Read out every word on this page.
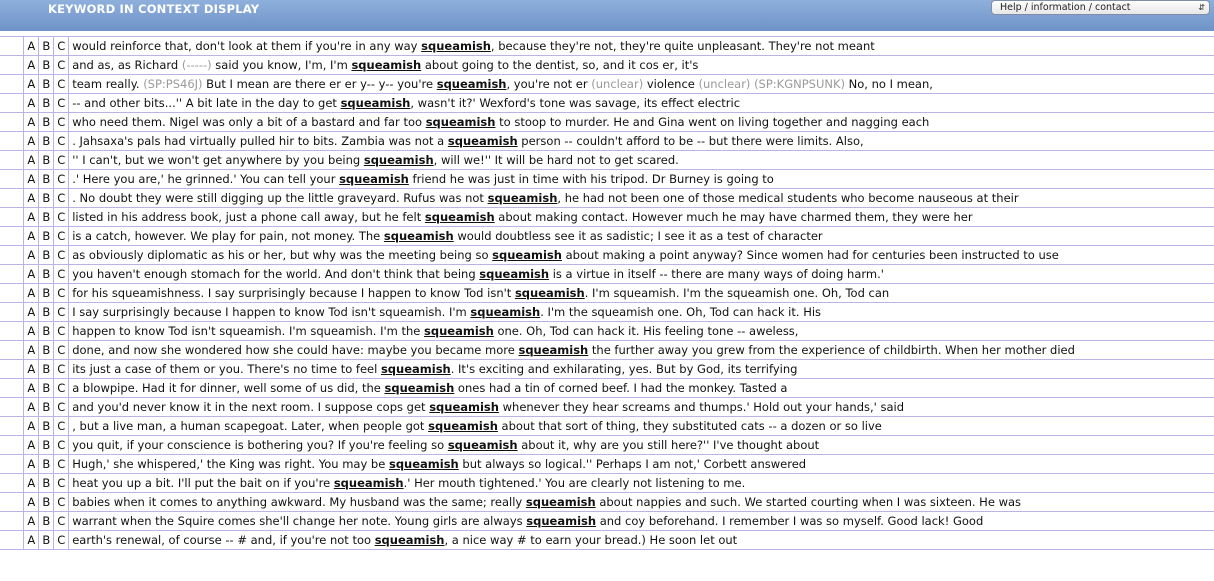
KEYWORD IN CONTEXT DISPLAY	Help / information / contact	⇵
	A	B	C	would reinforce that, don't look at them if you're in any way squeamish, because they're not, they're quite unpleasant. They're not meant
	A	B	C	and as, as Richard (-----) said you know, I'm, I'm squeamish about going to the dentist, so, and it cos er, it's
	A	B	C	team really. (SP:PS46J) But I mean are there er er y-- y-- you're squeamish, you're not er (unclear) violence (unclear) (SP:KGNPSUNK) No, no I mean,
	A	B	C	-- and other bits...'' A bit late in the day to get squeamish, wasn't it?' Wexford's tone was savage, its effect electric
	A	B	C	who need them. Nigel was only a bit of a bastard and far too squeamish to stoop to murder. He and Gina went on living together and nagging each
	A	B	C	. Jahsaxa's pals had virtually pulled hir to bits. Zambia was not a squeamish person -- couldn't afford to be -- but there were limits. Also,
	A	B	C	'' I can't, but we won't get anywhere by you being squeamish, will we!'' It will be hard not to get scared.
	A	B	C	.' Here you are,' he grinned.' You can tell your squeamish friend he was just in time with his tripod. Dr Burney is going to
	A	B	C	. No doubt they were still digging up the little graveyard. Rufus was not squeamish, he had not been one of those medical students who become nauseous at their
	A	B	C	listed in his address book, just a phone call away, but he felt squeamish about making contact. However much he may have charmed them, they were her
	A	B	C	is a catch, however. We play for pain, not money. The squeamish would doubtless see it as sadistic; I see it as a test of character
	A	B	C	as obviously diplomatic as his or her, but why was the meeting being so squeamish about making a point anyway? Since women had for centuries been instructed to use
	A	B	C	you haven't enough stomach for the world. And don't think that being squeamish is a virtue in itself -- there are many ways of doing harm.'
	A	B	C	for his squeamishness. I say surprisingly because I happen to know Tod isn't squeamish. I'm squeamish. I'm the squeamish one. Oh, Tod can
	A	B	C	I say surprisingly because I happen to know Tod isn't squeamish. I'm squeamish. I'm the squeamish one. Oh, Tod can hack it. His
	A	B	C	happen to know Tod isn't squeamish. I'm squeamish. I'm the squeamish one. Oh, Tod can hack it. His feeling tone -- aweless,
	A	B	C	done, and now she wondered how she could have: maybe you became more squeamish the further away you grew from the experience of childbirth. When her mother died
	A	B	C	its just a case of them or you. There's no time to feel squeamish. It's exciting and exhilarating, yes. But by God, its terrifying
	A	B	C	a blowpipe. Had it for dinner, well some of us did, the squeamish ones had a tin of corned beef. I had the monkey. Tasted a
	A	B	C	and you'd never know it in the next room. I suppose cops get squeamish whenever they hear screams and thumps.' Hold out your hands,' said
	A	B	C	, but a live man, a human scapegoat. Later, when people got squeamish about that sort of thing, they substituted cats -- a dozen or so live
	A	B	C	you quit, if your conscience is bothering you? If you're feeling so squeamish about it, why are you still here?'' I've thought about
	A	B	C	Hugh,' she whispered,' the King was right. You may be squeamish but always so logical.'' Perhaps I am not,' Corbett answered
	A	B	C	heat you up a bit. I'll put the bait on if you're squeamish.' Her mouth tightened.' You are clearly not listening to me.
	A	B	C	babies when it comes to anything awkward. My husband was the same; really squeamish about nappies and such. We started courting when I was sixteen. He was
	A	B	C	warrant when the Squire comes she'll change her note. Young girls are always squeamish and coy beforehand. I remember I was so myself. Good lack! Good
	A	B	C	earth's renewal, of course -- # and, if you're not too squeamish, a nice way # to earn your bread.) He soon let out
